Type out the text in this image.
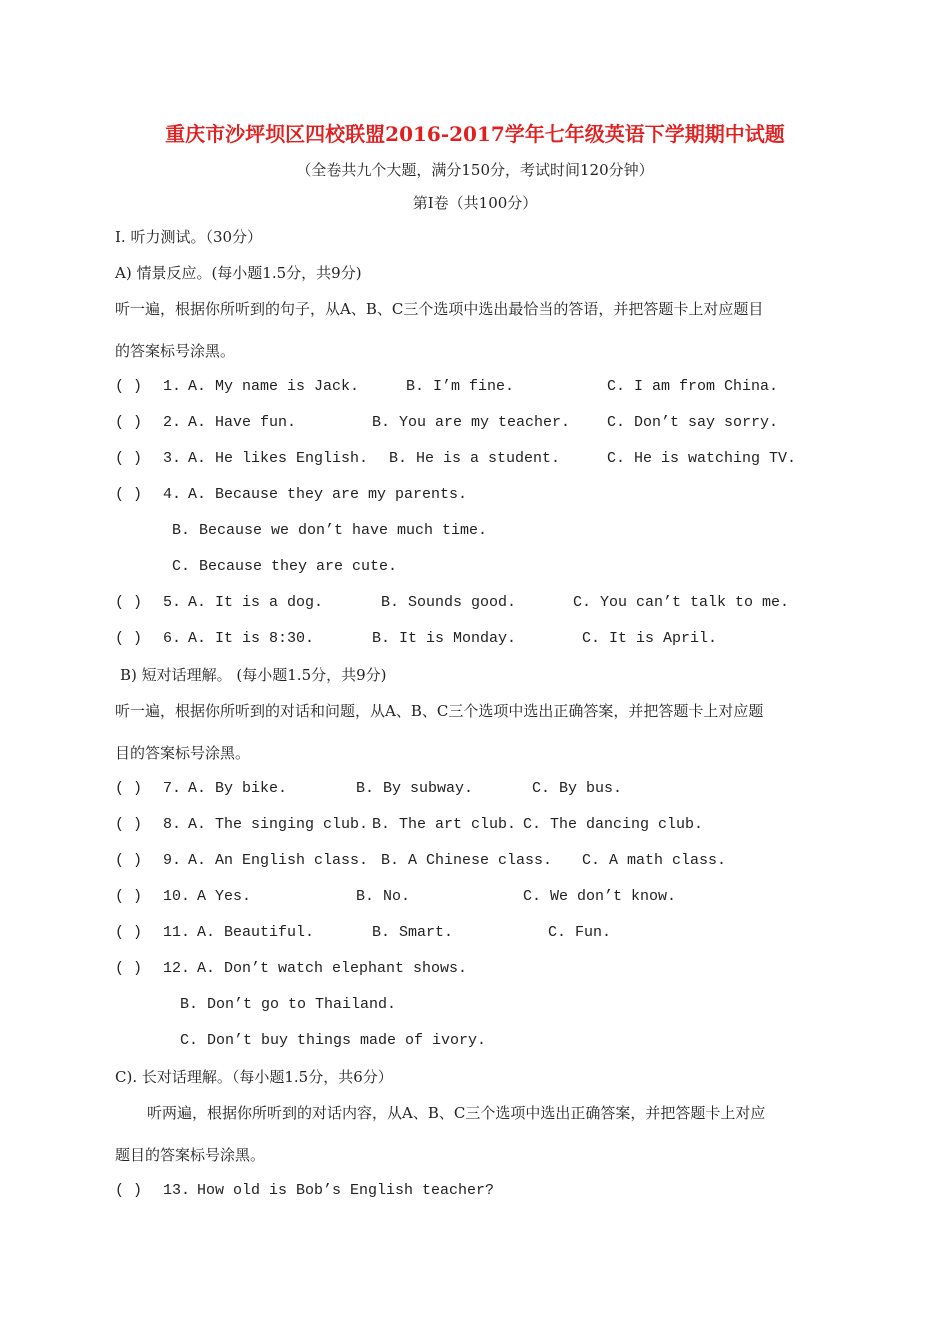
重庆市沙坪坝区四校联盟2016-2017学年七年级英语下学期期中试题
（全卷共九个大题，满分150分，考试时间120分钟）
第I卷（共100分）
I. 听力测试。（30分）
A) 情景反应。(每小题1.5分，共9分)
听一遍，根据你所听到的句子，从A、B、C三个选项中选出最恰当的答语，并把答题卡上对应题目
的答案标号涂黑。
( ) 1. A. My name is Jack.	B. I’m fine.	C. I am from China.
( ) 2. A. Have fun.	B. You are my teacher. C. Don’t say sorry.
( ) 3. A. He likes English. B. He is a student.	C. He is watching TV.
( ) 4. A. Because they are my parents.
B. Because we don’t have much time.
C. Because they are cute.
( ) 5. A. It is a dog.	B. Sounds good.	C. You can’t talk to me.
( ) 6. A. It is 8:30.	B. It is Monday.	C. It is April.
B) 短对话理解。 (每小题1.5分，共9分)
听一遍，根据你所听到的对话和问题，从A、B、C三个选项中选出正确答案，并把答题卡上对应题
目的答案标号涂黑。
( ) 7. A. By bike.	B. By subway.	C. By bus.
( ) 8. A. The singing club. B. The art club. C. The dancing club.
( ) 9. A. An English class. B. A Chinese class. C. A math class.
( ) 10. A Yes.	B. No.	C. We don’t know.
( ) 11. A. Beautiful.	B. Smart.	C. Fun.
( ) 12. A. Don’t watch elephant shows.
B. Don’t go to Thailand.
C. Don’t buy things made of ivory.
C). 长对话理解。（每小题1.5分，共6分）
听两遍，根据你所听到的对话内容，从A、B、C三个选项中选出正确答案，并把答题卡上对应
题目的答案标号涂黑。
( ) 13. How old is Bob’s English teacher?
